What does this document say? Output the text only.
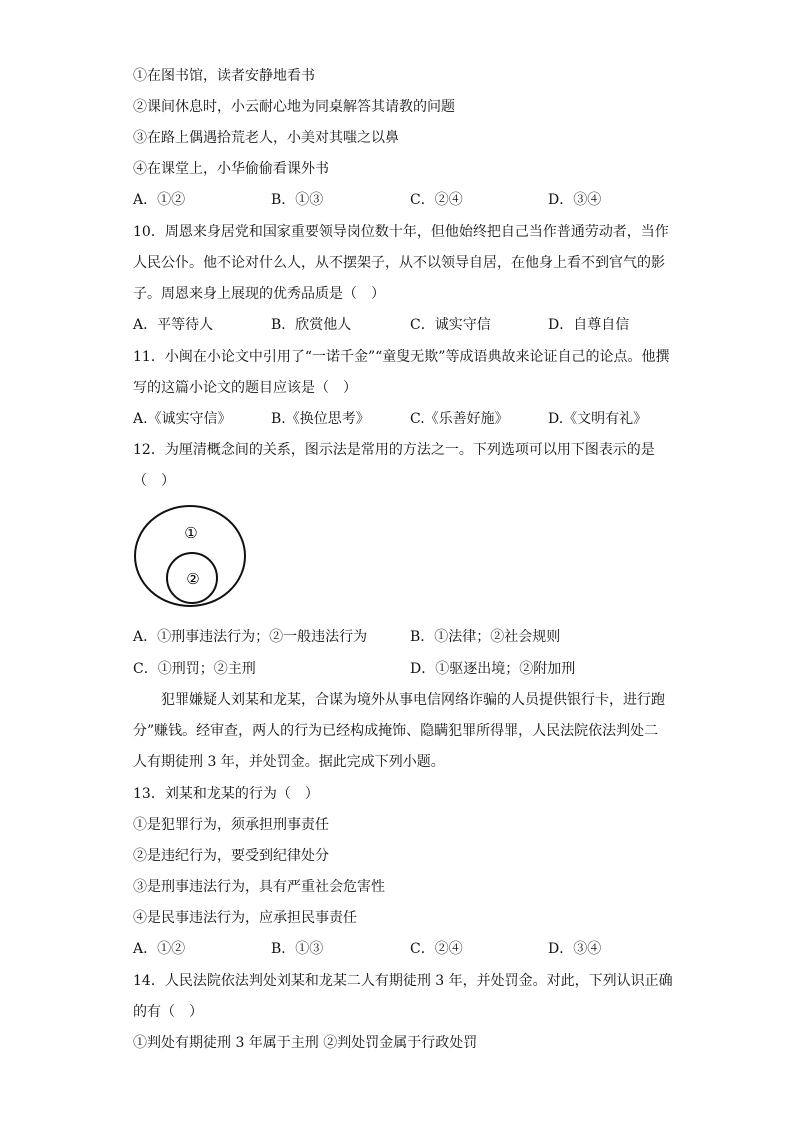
①在图书馆，读者安静地看书
②课间休息时，小云耐心地为同桌解答其请教的问题
③在路上偶遇拾荒老人，小美对其嗤之以鼻
④在课堂上，小华偷偷看课外书
A．①②	B．①③	C．②④	D．③④
10．周恩来身居党和国家重要领导岗位数十年，但他始终把自己当作普通劳动者，当作
人民公仆。他不论对什么人，从不摆架子，从不以领导自居，在他身上看不到官气的影
子。周恩来身上展现的优秀品质是（　）
A．平等待人	B．欣赏他人	C．诚实守信	D．自尊自信
11．小闽在小论文中引用了“一诺千金”“童叟无欺”等成语典故来论证自己的论点。他撰
写的这篇小论文的题目应该是（　）
A.《诚实守信》	B.《换位思考》	C.《乐善好施》	D.《文明有礼》
12．为厘清概念间的关系，图示法是常用的方法之一。下列选项可以用下图表示的是
（　）
①
②
A．①刑事违法行为；②一般违法行为	B．①法律；②社会规则
C．①刑罚；②主刑	D．①驱逐出境；②附加刑
犯罪嫌疑人刘某和龙某，合谋为境外从事电信网络诈骗的人员提供银行卡，进行跑
分”赚钱。经审查，两人的行为已经构成掩饰、隐瞒犯罪所得罪，人民法院依法判处二
人有期徒刑 3 年，并处罚金。据此完成下列小题。
13．刘某和龙某的行为（　）
①是犯罪行为，须承担刑事责任
②是违纪行为，要受到纪律处分
③是刑事违法行为，具有严重社会危害性
④是民事违法行为，应承担民事责任
A．①②	B．①③	C．②④	D．③④
14．人民法院依法判处刘某和龙某二人有期徒刑 3 年，并处罚金。对此，下列认识正确
的有（　）
①判处有期徒刑 3 年属于主刑 ②判处罚金属于行政处罚
